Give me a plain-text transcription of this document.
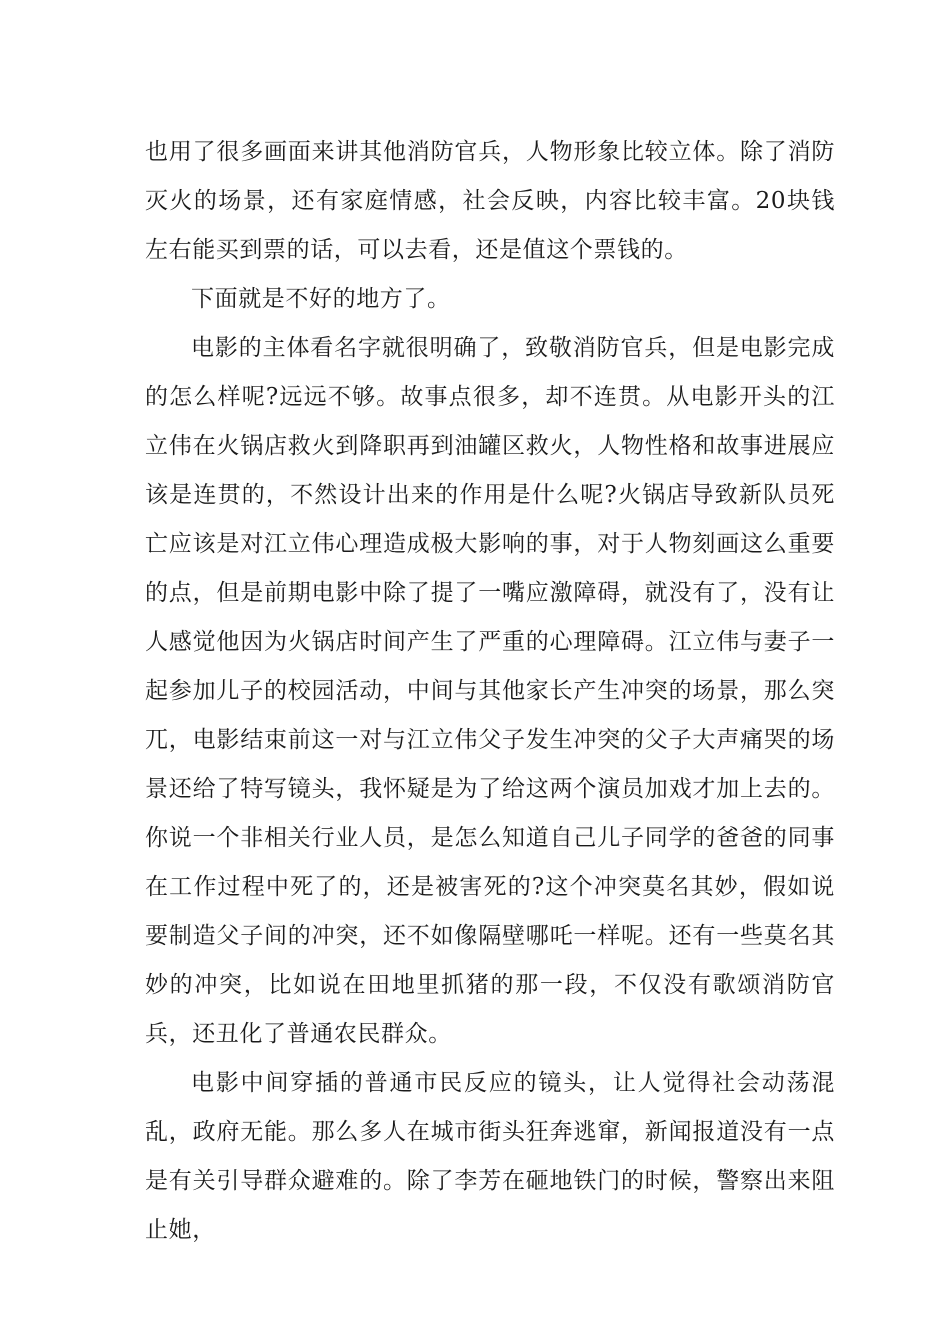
也用了很多画面来讲其他消防官兵，人物形象比较立体。除了消防灭火的场景，还有家庭情感，社会反映，内容比较丰富。20块钱左右能买到票的话，可以去看，还是值这个票钱的。

下面就是不好的地方了。

电影的主体看名字就很明确了，致敬消防官兵，但是电影完成的怎么样呢?远远不够。故事点很多，却不连贯。从电影开头的江立伟在火锅店救火到降职再到油罐区救火，人物性格和故事进展应该是连贯的，不然设计出来的作用是什么呢?火锅店导致新队员死亡应该是对江立伟心理造成极大影响的事，对于人物刻画这么重要的点，但是前期电影中除了提了一嘴应激障碍，就没有了，没有让人感觉他因为火锅店时间产生了严重的心理障碍。江立伟与妻子一起参加儿子的校园活动，中间与其他家长产生冲突的场景，那么突兀，电影结束前这一对与江立伟父子发生冲突的父子大声痛哭的场景还给了特写镜头，我怀疑是为了给这两个演员加戏才加上去的。你说一个非相关行业人员，是怎么知道自己儿子同学的爸爸的同事在工作过程中死了的，还是被害死的?这个冲突莫名其妙，假如说要制造父子间的冲突，还不如像隔壁哪吒一样呢。还有一些莫名其妙的冲突，比如说在田地里抓猪的那一段，不仅没有歌颂消防官兵，还丑化了普通农民群众。

电影中间穿插的普通市民反应的镜头，让人觉得社会动荡混乱，政府无能。那么多人在城市街头狂奔逃窜，新闻报道没有一点是有关引导群众避难的。除了李芳在砸地铁门的时候，警察出来阻止她，
